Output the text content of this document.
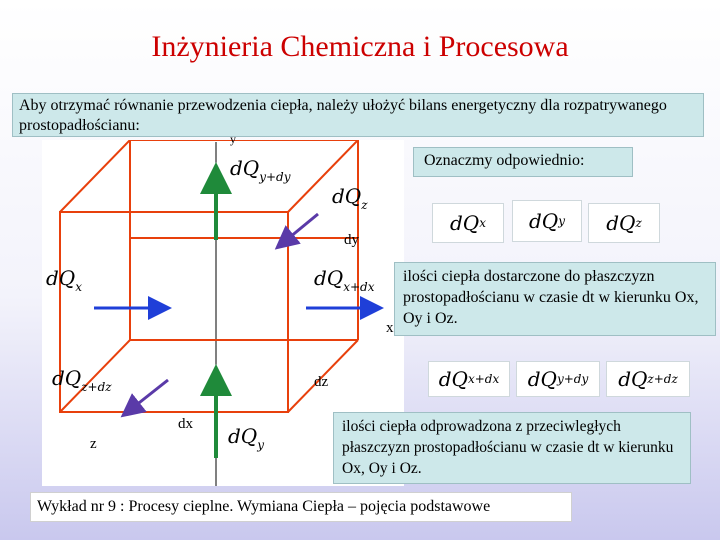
Inżynieria Chemiczna i Procesowa
Aby otrzymać równanie przewodzenia ciepła, należy ułożyć bilans energetyczny dla rozpatrywanego prostopadłościanu:
$dQ_{y+dy}$
$dQ_z$
dy
$dQ_x$	$dQ_{x+dx}$
x
y
$dQ_{z+dz}$	dz
dx
z	$dQ_y$
Oznaczmy odpowiednio:
dQ x dQ y dQ z
ilości ciepła dostarczone do płaszczyzn prostopadłościanu w czasie dt w kierunku Ox, Oy i Oz.
dQ x+dx dQ y+dy dQ z+dz
ilości ciepła odprowadzona z przeciwległych płaszczyzn prostopadłościanu w czasie dt w kierunku Ox, Oy i Oz.
Wykład nr 9 : Procesy cieplne. Wymiana Ciepła – pojęcia podstawowe
